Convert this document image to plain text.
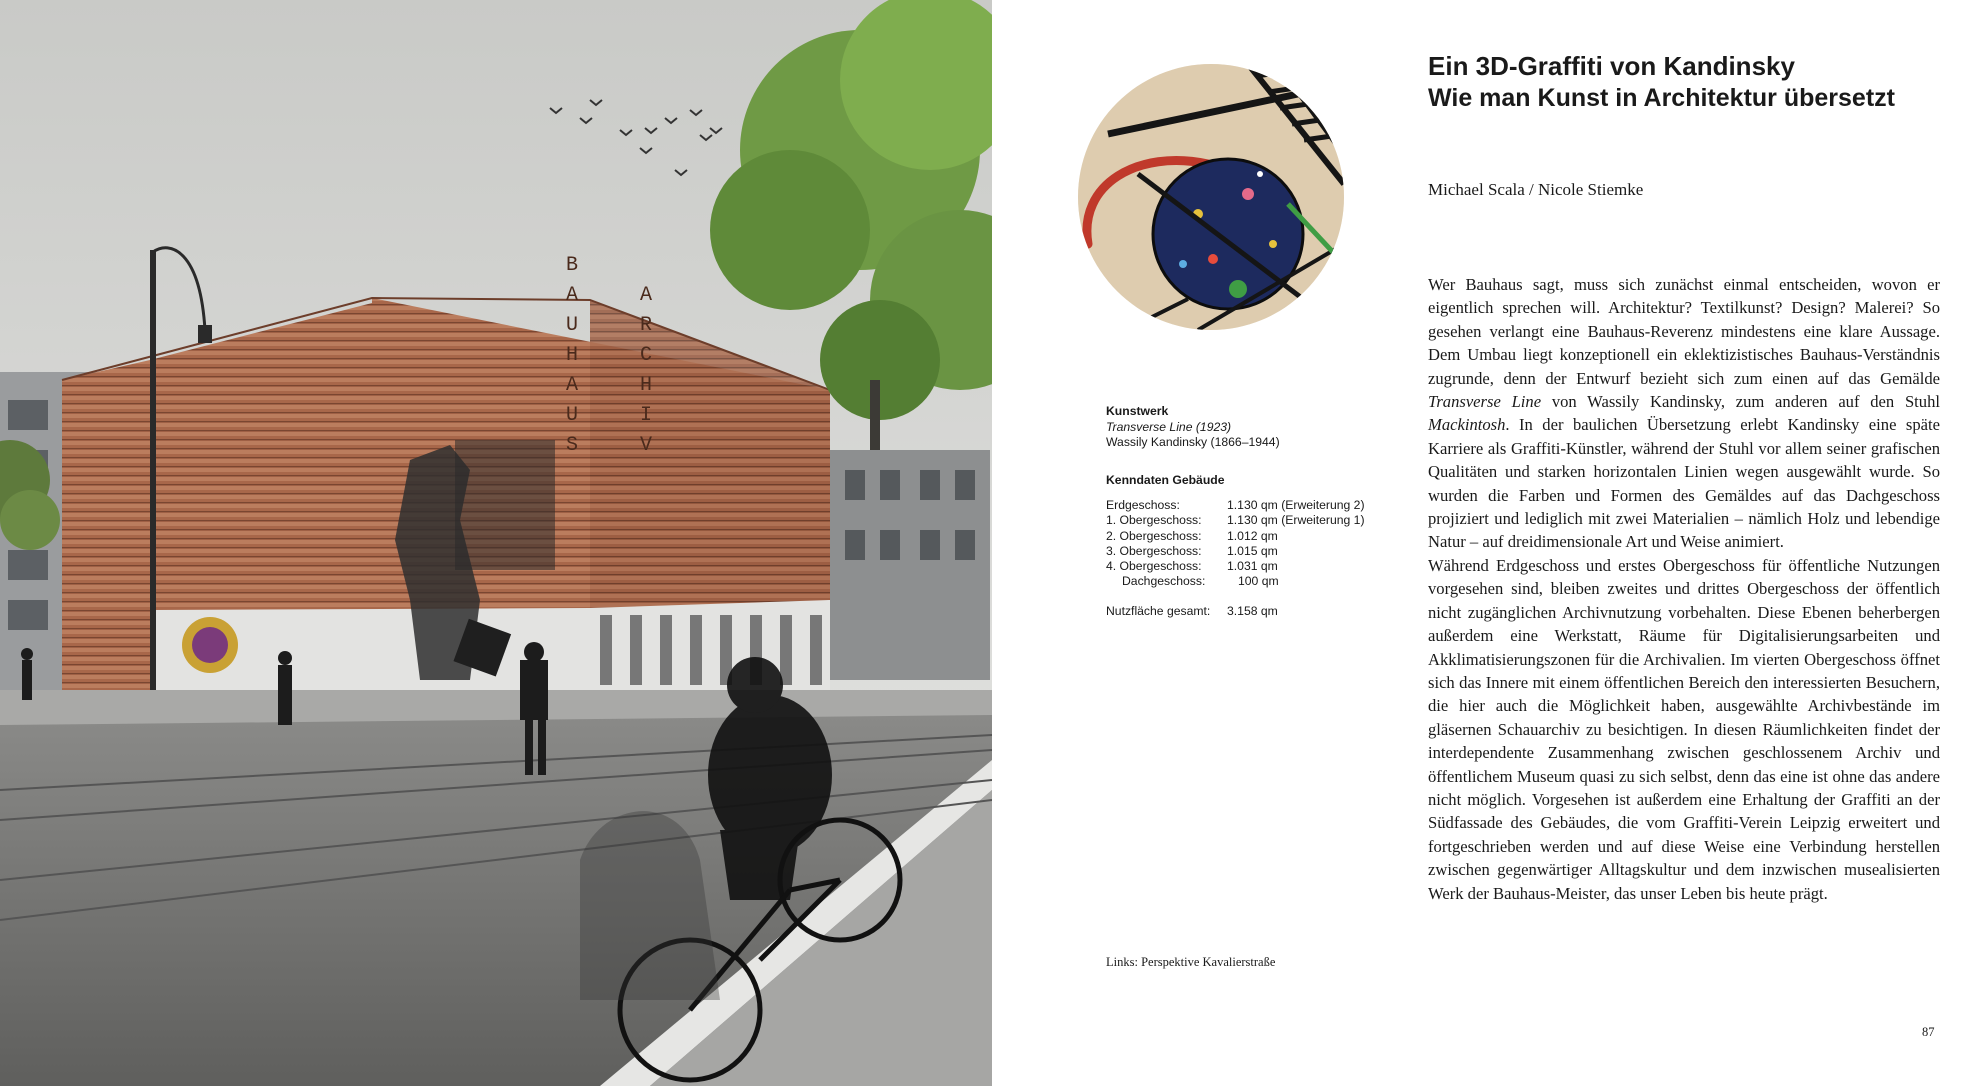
B
A
U
H
A
U
S
A
R
C
H
I
V
Ein 3D-Graffiti von Kandinsky
Wie man Kunst in Architektur übersetzt
Michael Scala / Nicole Stiemke
Kunstwerk
Transverse Line (1923)
Wassily Kandinsky (1866–1944)
Kenndaten Gebäude
Erdgeschoss:	1.130 qm (Erweiterung 2)
1. Obergeschoss:	1.130 qm (Erweiterung 1)
2. Obergeschoss:	1.012 qm
3. Obergeschoss:	1.015 qm
4. Obergeschoss:	1.031 qm
Dachgeschoss:	100 qm
Nutzfläche gesamt:	3.158 qm

Wer Bauhaus sagt, muss sich zunächst einmal entscheiden, wovon er eigentlich sprechen will. Architektur? Textilkunst? Design? Malerei? So gesehen verlangt eine Bauhaus-Reverenz mindestens eine klare Aussage. Dem Umbau liegt konzeptionell ein eklektizistisches Bauhaus-Verständnis zugrunde, denn der Entwurf bezieht sich zum einen auf das Gemälde Transverse Line von Wassily Kandinsky, zum anderen auf den Stuhl Mackintosh. In der baulichen Übersetzung erlebt Kandinsky eine späte Karriere als Graffiti-Künstler, während der Stuhl vor allem seiner grafischen Qualitäten und starken horizontalen Linien wegen ausgewählt wurde. So wurden die Farben und Formen des Gemäldes auf das Dachgeschoss projiziert und lediglich mit zwei Materialien – nämlich Holz und lebendige Natur – auf dreidimensionale Art und Weise animiert.

Während Erdgeschoss und erstes Obergeschoss für öffentliche Nutzungen vorgesehen sind, bleiben zweites und drittes Obergeschoss der öffentlich nicht zugänglichen Archivnutzung vorbehalten. Diese Ebenen beherbergen außerdem eine Werkstatt, Räume für Digitalisierungsarbeiten und Akklimatisierungszonen für die Archivalien. Im vierten Obergeschoss öffnet sich das Innere mit einem öffentlichen Bereich den interessierten Besuchern, die hier auch die Möglichkeit haben, ausgewählte Archivbestände im gläsernen Schauarchiv zu besichtigen. In diesen Räumlichkeiten findet der interdependente Zusammenhang zwischen geschlossenem Archiv und öffentlichem Museum quasi zu sich selbst, denn das eine ist ohne das andere nicht möglich. Vorgesehen ist außerdem eine Erhaltung der Graffiti an der Südfassade des Gebäudes, die vom Graffiti-Verein Leipzig erweitert und fortgeschrieben werden und auf diese Weise eine Verbindung herstellen zwischen gegenwärtiger Alltagskultur und dem inzwischen musealisierten Werk der Bauhaus-Meister, das unser Leben bis heute prägt.

Links: Perspektive Kavalierstraße
87
